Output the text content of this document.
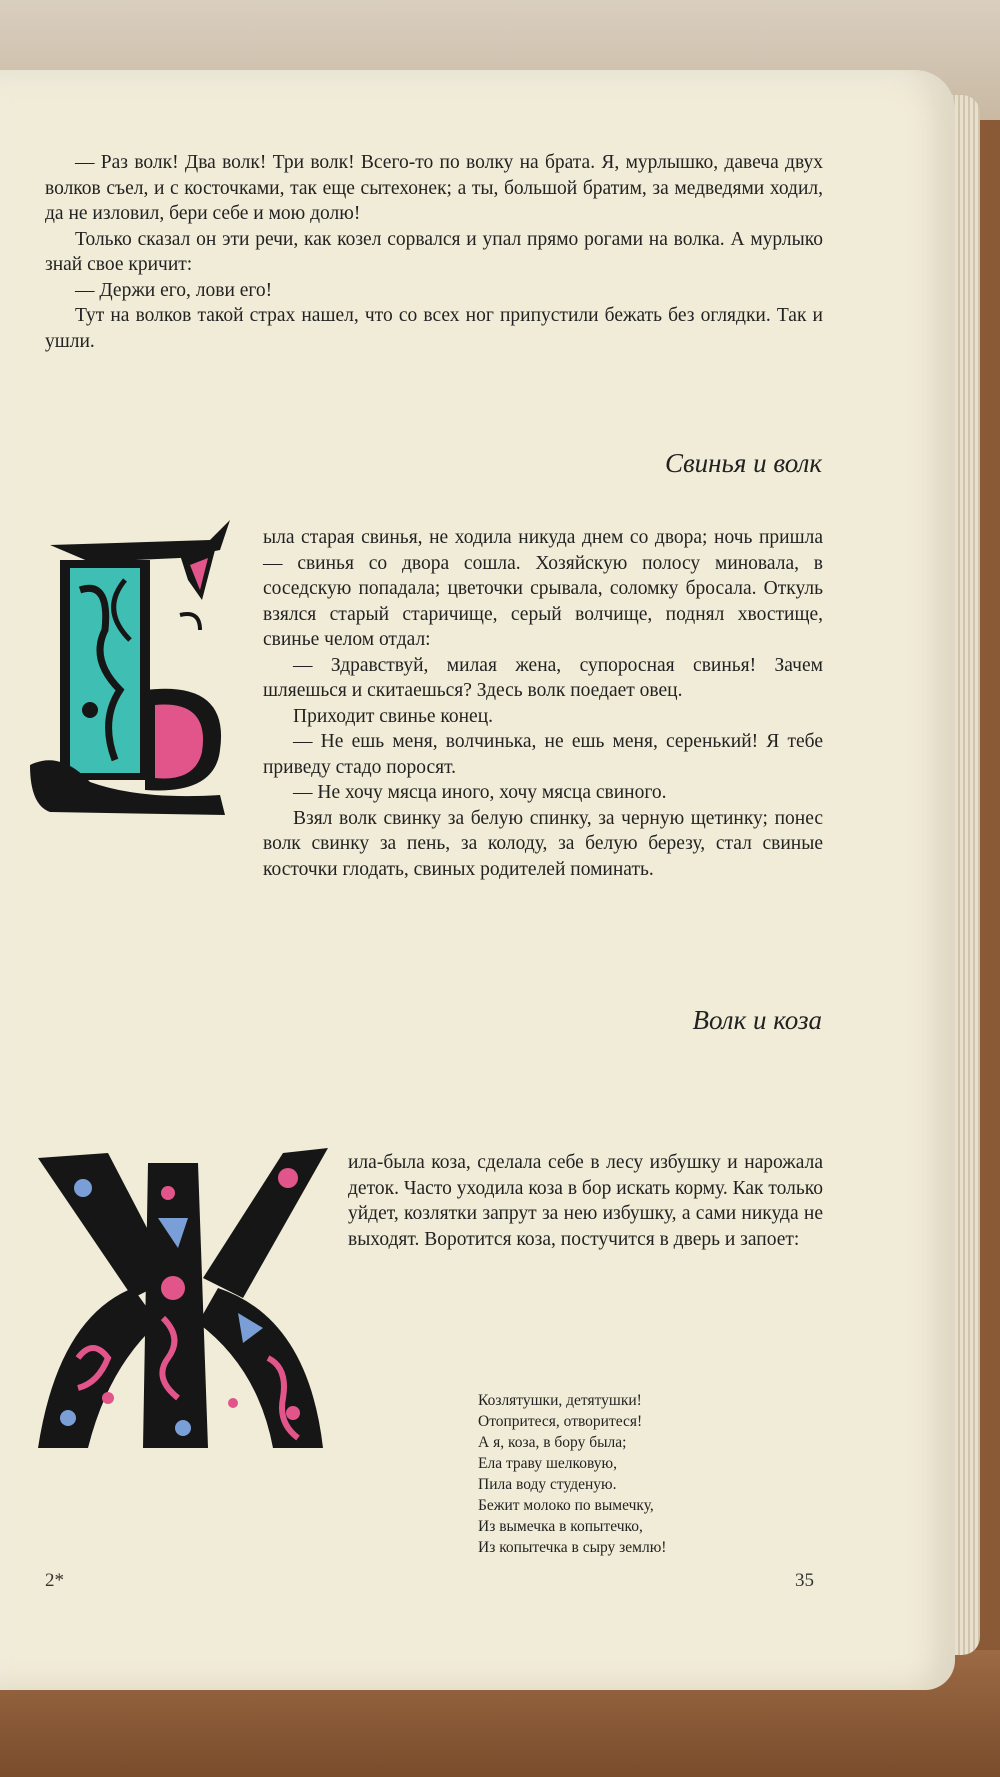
— Раз волк! Два волк! Три волк! Всего-то по волку на брата. Я, мурлышко, давеча двух волков съел, и с косточками, так еще сытехонек; а ты, большой братим, за медведями ходил, да не изловил, бери себе и мою долю!

Только сказал он эти речи, как козел сорвался и упал прямо рогами на волка. А мурлыко знай свое кричит:

— Держи его, лови его!

Тут на волков такой страх нашел, что со всех ног припустили бежать без оглядки. Так и ушли.

Свинья и волк

ыла старая свинья, не ходила никуда днем со двора; ночь пришла — свинья со двора сошла. Хозяйскую полосу миновала, в соседскую попадала; цветочки срывала, соломку бросала. Откуль взялся старый старичище, серый волчище, поднял хвостище, свинье челом отдал:

— Здравствуй, милая жена, супоросная свинья! Зачем шляешься и скитаешься? Здесь волк поедает овец.

Приходит свинье конец.

— Не ешь меня, волчинька, не ешь меня, серенький! Я тебе приведу стадо поросят.

— Не хочу мясца иного, хочу мясца свиного.

Взял волк свинку за белую спинку, за черную щетинку; понес волк свинку за пень, за колоду, за белую березу, стал свиные косточки глодать, свиных родителей поминать.

Волк и коза

ила-была коза, сделала себе в лесу избушку и нарожала деток. Часто уходила коза в бор искать корму. Как только уйдет, козлятки запрут за нею избушку, а сами никуда не выходят. Воротится коза, постучится в дверь и запоет:

Козлятушки, детятушки!
Отопритеся, отворитеся!
А я, коза, в бору была;
Ела траву шелковую,
Пила воду студеную.
Бежит молоко по вымечку,
Из вымечка в копытечко,
Из копытечка в сыру землю!
2*	35
